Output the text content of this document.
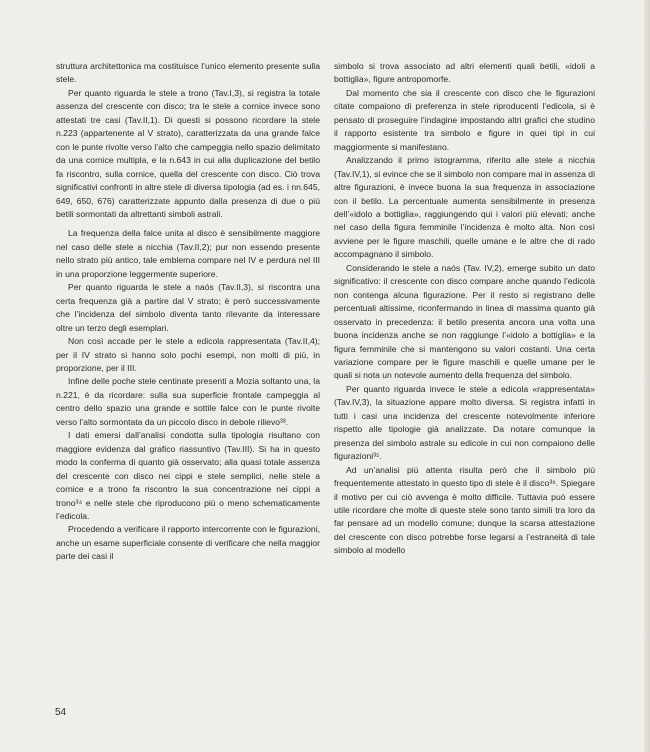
struttura architettonica ma costituisce l’unico elemento presente sulla stele.

Per quanto riguarda le stele a trono (Tav.I,3), si registra la totale assenza del crescente con disco; tra le stele a cornice invece sono attestati tre casi (Tav.II,1). Di questi si possono ricordare la stele n.223 (appartenente al V strato), caratterizzata da una grande falce con le punte rivolte verso l’alto che campeggia nello spazio delimitato da una cornice multipla, e la n.643 in cui alla duplicazione del betilo fa riscontro, sulla cornice, quella del crescente con disco. Ciò trova significativi confronti in altre stele di diversa tipologia (ad es. i nn.645, 649, 650, 676) caratterizzate appunto dalla presenza di due o più betili sormontati da altrettanti simboli astrali.

La frequenza della falce unita al disco è sensibilmente maggiore nel caso delle stele a nicchia (Tav.II,2); pur non essendo presente nello strato più antico, tale emblema compare nel IV e perdura nel III in una proporzione leggermente superiore.

Per quanto riguarda le stele a naós (Tav.II,3), si riscontra una certa frequenza già a partire dal V strato; è però successivamente che l’incidenza del simbolo diventa tanto rilevante da interessare oltre un terzo degli esemplari.

Non così accade per le stele a edicola rappresentata (Tav.II,4); per il IV strato si hanno solo pochi esempi, non molti di più, in proporzione, per il III.

Infine delle poche stele centinate presenti a Mozia soltanto una, la n.221, è da ricordare: sulla sua superficie frontale campeggia al centro dello spazio una grande e sottile falce con le punte rivolte verso l’alto sormontata da un piccolo disco in debole rilievo³³.

I dati emersi dall’analisi condotta sulla tipologia risultano con maggiore evidenza dal grafico riassuntivo (Tav.III). Si ha in questo modo la conferma di quanto già osservato; alla quasi totale assenza del crescente con disco nei cippi e stele semplici, nelle stele a cornice e a trono fa riscontro la sua concentrazione nei cippi a trono³⁴ e nelle stele che riproducono più o meno schematicamente l’edicola.

Procedendo a verificare il rapporto intercorrente con le figurazioni, anche un esame superficiale consente di verificare che nella maggior parte dei casi il

simbolo si trova associato ad altri elementi quali betili, «idoli a bottiglia», figure antropomorfe.

Dal momento che sia il crescente con disco che le figurazioni citate compaiono di preferenza in stele riproducenti l’edicola, si è pensato di proseguire l’indagine impostando altri grafici che studino il rapporto esistente tra simbolo e figure in quei tipi in cui maggiormente si manifestano.

Analizzando il primo istogramma, riferito alle stele a nicchia (Tav.IV,1), si evince che se il simbolo non compare mai in assenza di altre figurazioni, è invece buona la sua frequenza in associazione con il betilo. La percentuale aumenta sensibilmente in presenza dell’«idolo a bottiglia», raggiungendo qui i valori più elevati; anche nel caso della figura femminile l’incidenza è molto alta. Non così avviene per le figure maschili, quelle umane e le altre che di rado accompagnano il simbolo.

Considerando le stele a naós (Tav. IV,2), emerge subito un dato significativo: il crescente con disco compare anche quando l’edicola non contenga alcuna figurazione. Per il resto si registrano delle percentuali altissime, riconfermando in linea di massima quanto già osservato in precedenza: il betilo presenta ancora una volta una buona incidenza anche se non raggiunge l’«idolo a bottiglia» e la figura femminile che si mantengono su valori costanti. Una certa variazione compare per le figure maschili e quelle umane per le quali si nota un notevole aumento della frequenza del simbolo.

Per quanto riguarda invece le stele a edicola «rappresentata» (Tav.IV,3), la situazione appare molto diversa. Si registra infatti in tutti i casi una incidenza del crescente notevolmente inferiore rispetto alle tipologie già analizzate. Da notare comunque la presenza del simbolo astrale su edicole in cui non compaiono delle figurazioni³⁵.

Ad un’analisi più attenta risulta però che il simbolo più frequentemente attestato in questo tipo di stele è il disco³⁶. Spiegare il motivo per cui ciò avvenga è molto difficile. Tuttavia può essere utile ricordare che molte di queste stele sono tanto simili tra loro da far pensare ad un modello comune; dunque la scarsa attestazione del crescente con disco potrebbe forse legarsi a l’estraneità di tale simbolo al modello

54
